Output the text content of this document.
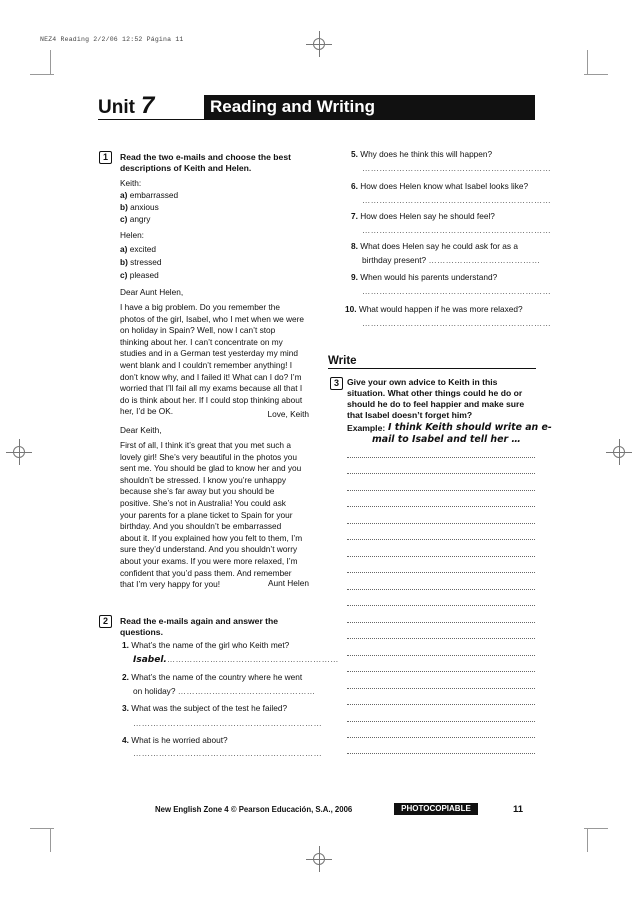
NEZ4 Reading 2/2/06 12:52 Página 11
Unit 7	Reading and Writing
1	Read the two e-mails and choose the best
descriptions of Keith and Helen.
Keith:
a) embarrassed
b) anxious
c) angry
Helen:
a) excited
b) stressed
c) pleased
Dear Aunt Helen,
I have a big problem. Do you remember the
photos of the girl, Isabel, who I met when we were
on holiday in Spain? Well, now I can’t stop
thinking about her. I can’t concentrate on my
studies and in a German test yesterday my mind
went blank and I couldn’t remember anything! I
don’t know why, and I failed it! What can I do? I’m
worried that I’ll fail all my exams because all that I
do is think about her. If I could stop thinking about
her, I’d be OK.	Love, Keith
Dear Keith,
First of all, I think it’s great that you met such a
lovely girl! She’s very beautiful in the photos you
sent me. You should be glad to know her and you
shouldn’t be stressed. I know you’re unhappy
because she’s far away but you should be
positive. She’s not in Australia! You could ask
your parents for a plane ticket to Spain for your
birthday. And you shouldn’t be embarrassed
about it. If you explained how you felt to them, I’m
sure they’d understand. And you shouldn’t worry
about your exams. If you were more relaxed, I’m
confident that you’d pass them. And remember
that I’m very happy for you!	Aunt Helen
2	Read the e-mails again and answer the
questions.
1. What’s the name of the girl who Keith met?
Isabel.……………………………………………………
2. What’s the name of the country where he went
on holiday? …………………………………………
3. What was the subject of the test he failed?
…………………………………………………………
4. What is he worried about?
…………………………………………………………
5. Why does he think this will happen?
…………………………………………………………
6. How does Helen know what Isabel looks like?
…………………………………………………………
7. How does Helen say he should feel?
…………………………………………………………
8. What does Helen say he could ask for as a
birthday present? …………………………………
9. When would his parents understand?
…………………………………………………………
10. What would happen if he was more relaxed?
…………………………………………………………
Write
3 Give your own advice to Keith in this
situation. What other things could he do or
should he do to feel happier and make sure
that Isabel doesn’t forget him?
Example: I think Keith should write an e-
mail to Isabel and tell her …
New English Zone 4 © Pearson Educación, S.A., 2006	PHOTOCOPIABLE	11
